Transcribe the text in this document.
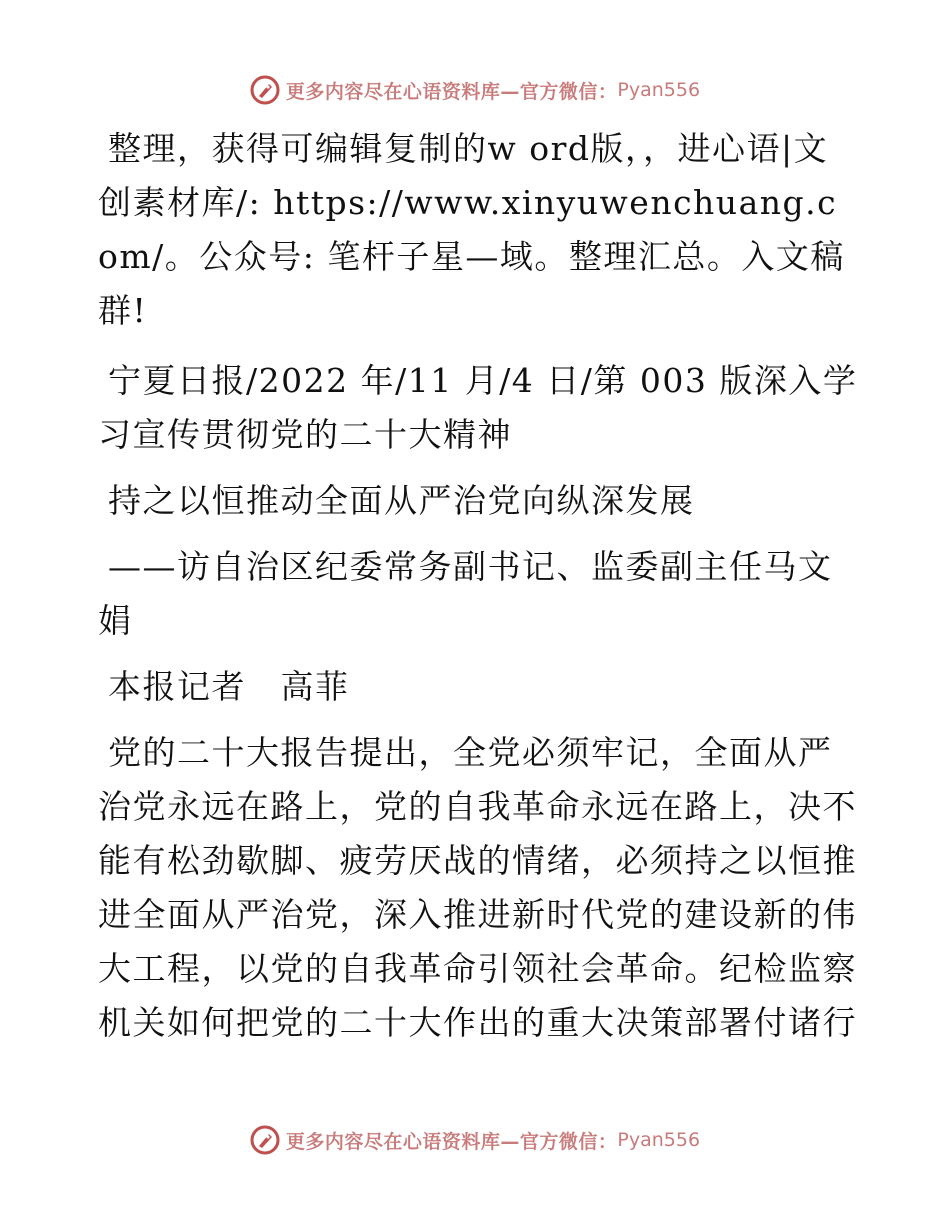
更多内容尽在心语资料库—官方微信： Pyan556

整理，获得可编辑复制的w ord版，，进心语|文创素材库/: https://www.xinyuwenchuang.com/。公众号: 笔杆子星—域。整理汇总。入文稿群!

宁夏日报/2022 年/11 月/4 日/第 003 版深入学习宣传贯彻党的二十大精神

持之以恒推动全面从严治党向纵深发展

——访自治区纪委常务副书记、监委副主任马文娟

本报记者　高菲

党的二十大报告提出，全党必须牢记，全面从严治党永远在路上，党的自我革命永远在路上，决不能有松劲歇脚、疲劳厌战的情绪，必须持之以恒推进全面从严治党，深入推进新时代党的建设新的伟大工程，以党的自我革命引领社会革命。纪检监察机关如何把党的二十大作出的重大决策部署付诸行

更多内容尽在心语资料库—官方微信： Pyan556
